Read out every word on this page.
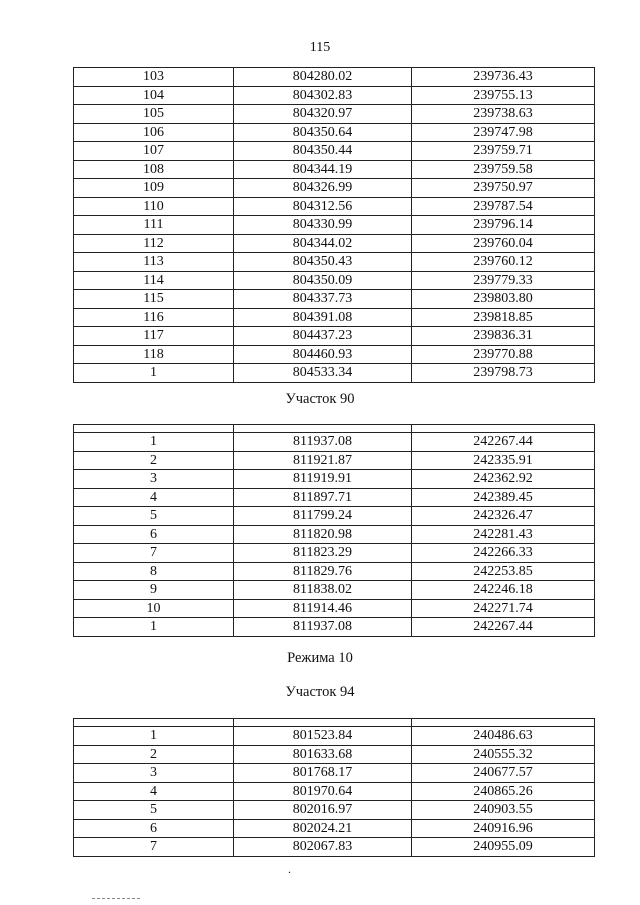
115
103	804280.02	239736.43
104	804302.83	239755.13
105	804320.97	239738.63
106	804350.64	239747.98
107	804350.44	239759.71
108	804344.19	239759.58
109	804326.99	239750.97
110	804312.56	239787.54
111	804330.99	239796.14
112	804344.02	239760.04
113	804350.43	239760.12
114	804350.09	239779.33
115	804337.73	239803.80
116	804391.08	239818.85
117	804437.23	239836.31
118	804460.93	239770.88
1	804533.34	239798.73
Участок 90

1	811937.08	242267.44
2	811921.87	242335.91
3	811919.91	242362.92
4	811897.71	242389.45
5	811799.24	242326.47
6	811820.98	242281.43
7	811823.29	242266.33
8	811829.76	242253.85
9	811838.02	242246.18
10	811914.46	242271.74
1	811937.08	242267.44
Режима 10
Участок 94

1	801523.84	240486.63
2	801633.68	240555.32
3	801768.17	240677.57
4	801970.64	240865.26
5	802016.97	240903.55
6	802024.21	240916.96
7	802067.83	240955.09
.
